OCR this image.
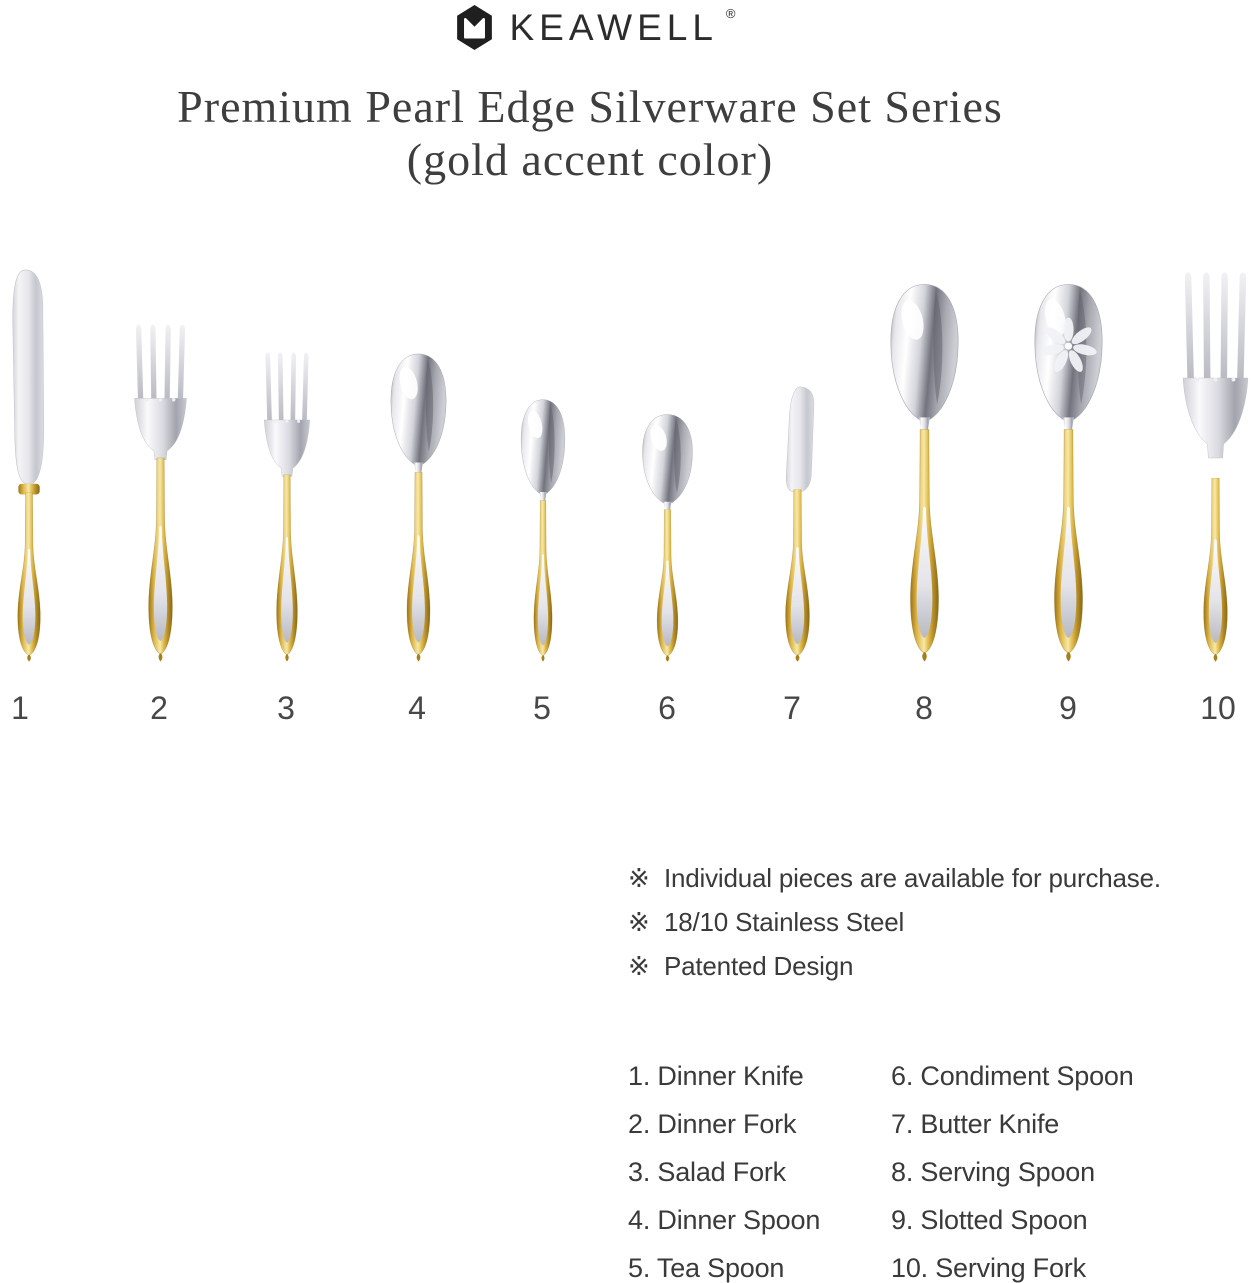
KEAWELL ®
Premium Pearl Edge Silverware Set Series
(gold accent color)
1	2	3	4	5	6	7	8	9	10
※ Individual pieces are available for purchase.
※ 18/10 Stainless Steel
※ Patented Design
1. Dinner Knife
2. Dinner Fork
3. Salad Fork
4. Dinner Spoon
5. Tea Spoon
6. Condiment Spoon
7. Butter Knife
8. Serving Spoon
9. Slotted Spoon
10. Serving Fork
